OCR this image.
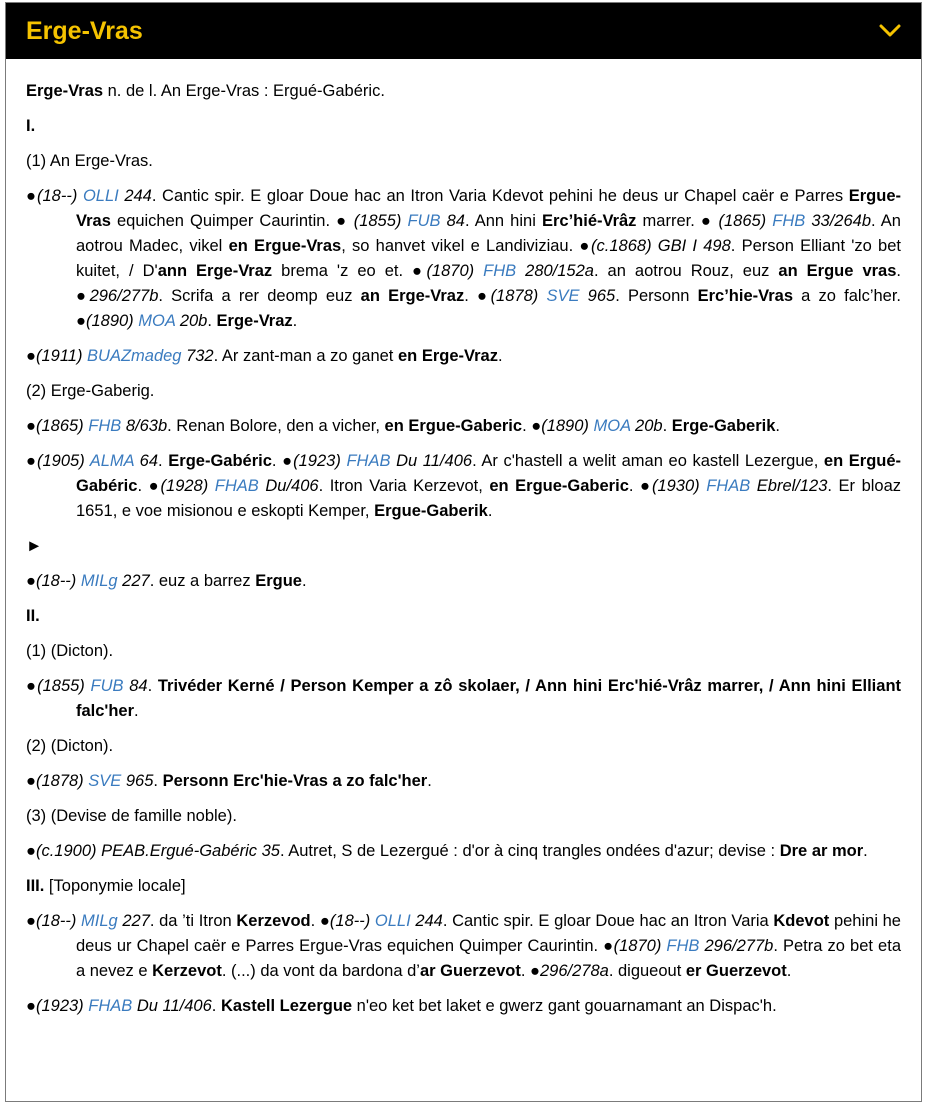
Erge-Vras
Erge-Vras n. de l. An Erge-Vras : Ergué-Gabéric.
I.
(1) An Erge-Vras.
●(18--) OLLI 244. Cantic spir. E gloar Doue hac an Itron Varia Kdevot pehini he deus ur Chapel caër e Parres Ergue-Vras equichen Quimper Caurintin. ● (1855) FUB 84. Ann hini Erc’hié-Vrâz marrer. ● (1865) FHB 33/264b. An aotrou Madec, vikel en Ergue-Vras, so hanvet vikel e Landiviziau. ●(c.1868) GBI I 498. Person Elliant 'zo bet kuitet, / D'ann Erge-Vraz brema 'z eo et. ●(1870) FHB 280/152a. an aotrou Rouz, euz an Ergue vras. ●296/277b. Scrifa a rer deomp euz an Erge-Vraz. ●(1878) SVE 965. Personn Erc’hie-Vras a zo falc’her. ●(1890) MOA 20b. Erge-Vraz.
●(1911) BUAZmadeg 732. Ar zant-man a zo ganet en Erge-Vraz.
(2) Erge-Gaberig.
●(1865) FHB 8/63b. Renan Bolore, den a vicher, en Ergue-Gaberic. ●(1890) MOA 20b. Erge-Gaberik.
●(1905) ALMA 64. Erge-Gabéric. ●(1923) FHAB Du 11/406. Ar c'hastell a welit aman eo kastell Lezergue, en Ergué-Gabéric. ●(1928) FHAB Du/406. Itron Varia Kerzevot, en Ergue-Gaberic. ●(1930) FHAB Ebrel/123. Er bloaz 1651, e voe misionou e eskopti Kemper, Ergue-Gaberik.
►
●(18--) MILg 227. euz a barrez Ergue.
II.
(1) (Dicton).
●(1855) FUB 84. Trivéder Kerné / Person Kemper a zô skolaer, / Ann hini Erc'hié-Vrâz marrer, / Ann hini Elliant falc'her.
(2) (Dicton).
●(1878) SVE 965. Personn Erc'hie-Vras a zo falc'her.
(3) (Devise de famille noble).
●(c.1900) PEAB.Ergué-Gabéric 35. Autret, S de Lezergué : d'or à cinq trangles ondées d'azur; devise : Dre ar mor.
III. [Toponymie locale]
●(18--) MILg 227. da ’ti Itron Kerzevod. ●(18--) OLLI 244. Cantic spir. E gloar Doue hac an Itron Varia Kdevot pehini he deus ur Chapel caër e Parres Ergue-Vras equichen Quimper Caurintin. ●(1870) FHB 296/277b. Petra zo bet eta a nevez e Kerzevot. (...) da vont da bardona d’ar Guerzevot. ●296/278a. digueout er Guerzevot.
●(1923) FHAB Du 11/406. Kastell Lezergue n'eo ket bet laket e gwerz gant gouarnamant an Dispac'h.
